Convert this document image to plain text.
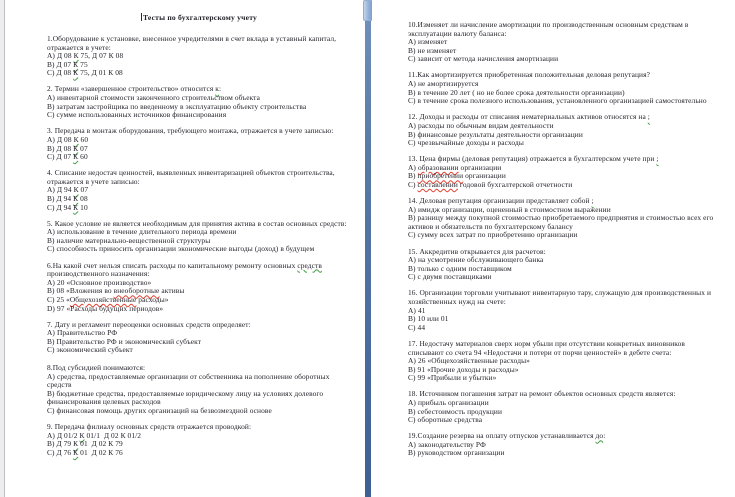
Тесты по бухгалтерскому учету
1.Оборудование к установке, внесенное учредителями в счет вклада в уставный капитал, отражается в учете:
А) Д 08 К 75, Д 07 К 08
В) Д 07 К 75
С) Д 08 К 75, Д 01 К 08
2. Термин «завершенное строительство» относится к:
А) инвентарной стоимости законченного строительством объекта
В) затратам застройщика по введенному в эксплуатацию объекту строительства
С) сумме использованных источников финансирования
3. Передача в монтаж оборудования, требующего монтажа, отражается в учете записью:
А) Д 08 К 60
В) Д 08 К 07
С) Д 07 К 60
4. Списание недостач ценностей, выявленных инвентаризацией объектов строительства, отражается в учете записью:
А) Д 94 К 07
В) Д 94 К 08
С) Д 94 К 10
5. Какое условие не является необходимым для принятия актива в состав основных средств:
А) использование в течение длительного периода времени
В) наличие материально-вещественной структуры
С) способность приносить организации экономические выгоды (доход) в будущем
6.На какой счет нельзя списать расходы по капитальному ремонту основных средств производственного назначения:
А) 20 «Основное производство»
В) 08 «Вложения во внеоборотные активы
С) 25 «Общехозяйственные расходы»
D) 97 «Расходы будущих периодов»
7. Дату и регламент переоценки основных средств определяет:
А) Правительство РФ
В) Правительство РФ и экономический субъект
С) экономический субъект
8.Под субсидией понимаются:
А) средства, предоставляемые организации от собственника на пополнение оборотных средств
В) бюджетные средства, предоставляемые юридическому лицу на условиях долевого финансирования целевых расходов
С) финансовая помощь других организаций на безвозмездной основе
9. Передача филиалу основных средств отражается проводкой:
А) Д 01/2 К 01/1  Д 02 К 01/2
В) Д 79 К 01  Д 02 К 79
С) Д 76 К 01  Д 02 К 76
10.Изменяет ли начисление амортизации по производственным основным средствам в эксплуатации валюту баланса:
А) изменяет
В) не изменяет
С) зависит от метода начисления амортизации
11.Как амортизируется приобретенная положительная деловая репутация?
А) не амортизируется
В) в течение 20 лет ( но не более срока деятельности организации)
С) в течение срока полезного использования, установленного организацией самостоятельно
12. Доходы и расходы от списания нематериальных активов относятся на ;
А) расходы по обычным видам деятельности
В) финансовые результаты деятельности организации
С) чрезвычайные доходы и расходы
13. Цена фирмы (деловая репутация) отражается в бухгалтерском учете при ;
А) образовании организации
В) приобретении организации
С) составлении годовой бухгалтерской отчетности
14. Деловая репутация организации представляет собой ;
А) имидж организации, оцененный в стоимостном выражении
В) разницу между покупной стоимостью приобретаемого предприятия и стоимостью всех его активов и обязательств по бухгалтерскому балансу
С) сумму всех затрат по приобретению организации
15. Аккредитив открывается для расчетов:
А) на усмотрение обслуживающего банка
В) только с одним поставщиком
С) с двумя поставщиками
16. Организации торговли учитывают инвентарную тару, служащую для производственных и хозяйственных нужд на счете:
А) 41
В) 10 или 01
С) 44
17. Недостачу материалов сверх норм убыли при отсутствии конкретных виновников списывают со счета 94 «Недостачи и потери от порчи ценностей» в дебете счета:
А) 26 «Общехозяйственные расходы»
В) 91 «Прочие доходы и расходы»
С) 99 «Прибыли и убытки»
18. Источником погашения затрат на ремонт объектов основных средств является:
А) прибыль организации
В) себестоимость продукции
С) оборотные средства
19.Создание резерва на оплату отпусков устанавливается до:
А) законодательству РФ
В) руководством организации
